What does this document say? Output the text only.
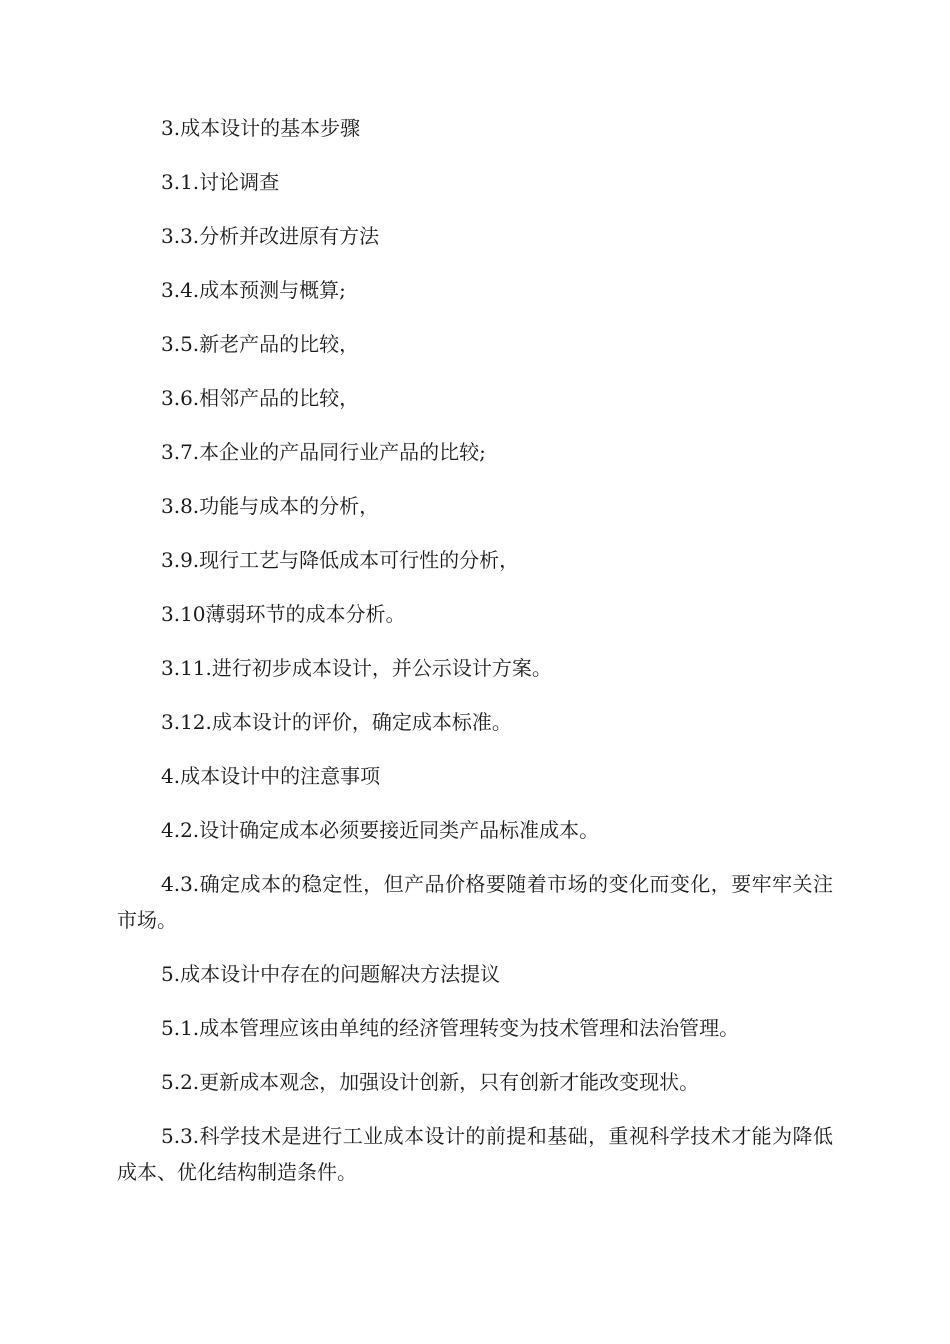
3.成本设计的基本步骤

3.1.讨论调查

3.3.分析并改进原有方法

3.4.成本预测与概算;

3.5.新老产品的比较，

3.6.相邻产品的比较，

3.7.本企业的产品同行业产品的比较;

3.8.功能与成本的分析，

3.9.现行工艺与降低成本可行性的分析，

3.10薄弱环节的成本分析。

3.11.进行初步成本设计，并公示设计方案。

3.12.成本设计的评价，确定成本标准。

4.成本设计中的注意事项

4.2.设计确定成本必须要接近同类产品标准成本。

4.3.确定成本的稳定性，但产品价格要随着市场的变化而变化，要牢牢关注市场。

5.成本设计中存在的问题解决方法提议

5.1.成本管理应该由单纯的经济管理转变为技术管理和法治管理。

5.2.更新成本观念，加强设计创新，只有创新才能改变现状。

5.3.科学技术是进行工业成本设计的前提和基础，重视科学技术才能为降低成本、优化结构制造条件。
